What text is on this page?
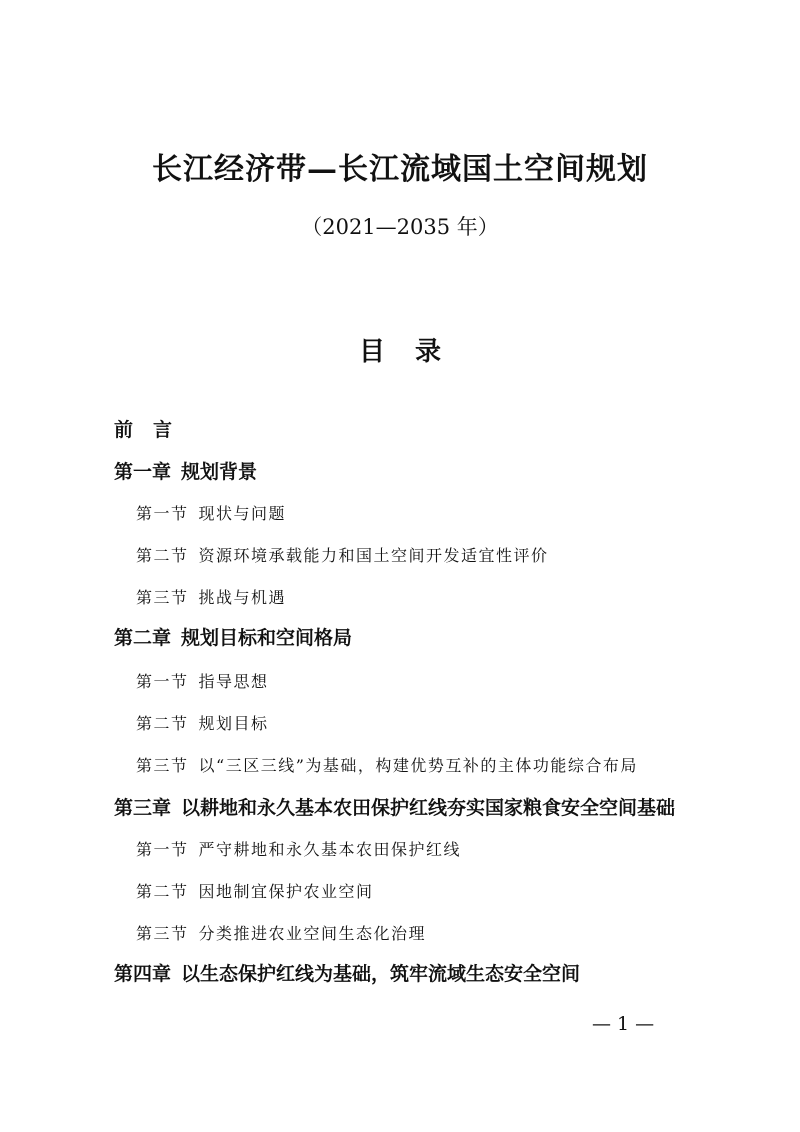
长江经济带—长江流域国土空间规划
（2021—2035 年）
目 录
前 言
第一章 规划背景
第一节 现状与问题
第二节 资源环境承载能力和国土空间开发适宜性评价
第三节 挑战与机遇
第二章 规划目标和空间格局
第一节 指导思想
第二节 规划目标
第三节 以“三区三线”为基础，构建优势互补的主体功能综合布局
第三章 以耕地和永久基本农田保护红线夯实国家粮食安全空间基础
第一节 严守耕地和永久基本农田保护红线
第二节 因地制宜保护农业空间
第三节 分类推进农业空间生态化治理
第四章 以生态保护红线为基础，筑牢流域生态安全空间
— 1 —
